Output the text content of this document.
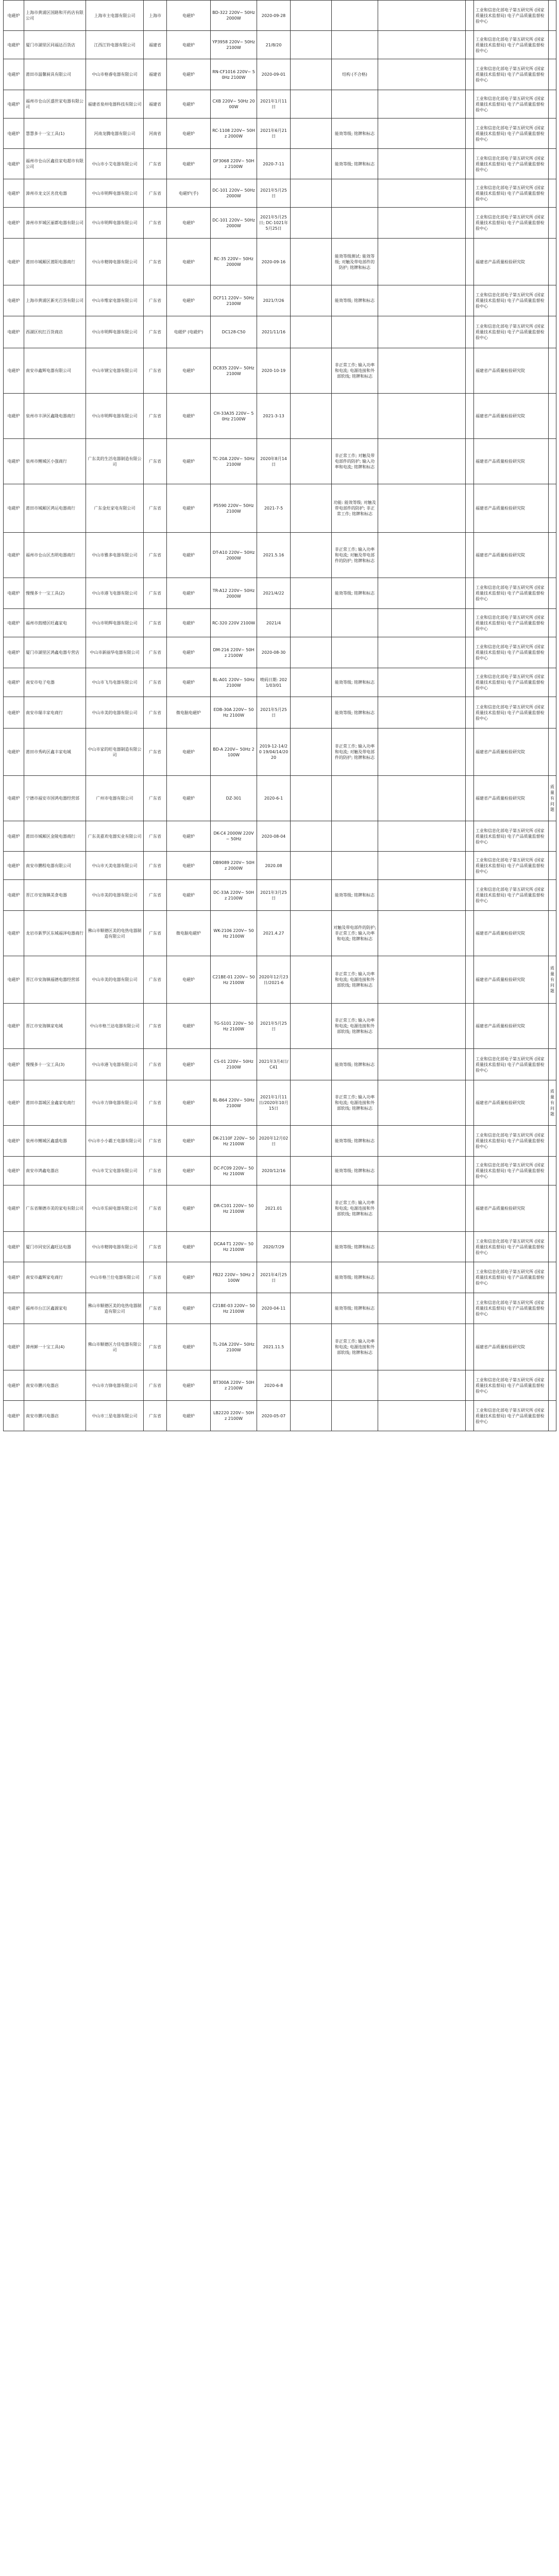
电磁炉	上海市黄浦区国路和开药店有限公司	上海市主电器有限公司	上海市	电磁炉	BD-322 220V~ 50Hz 2000W	2020-09-28					工业和信息化部电子第五研究所 (国家质量技术监督局) 电子产品质量监督检验中心	
电磁炉	厦门市湖里区同福达百货店	江西江铃电器有限公司	福建省	电磁炉	YP3958 220V~ 50Hz 2100W	21/8/20					工业和信息化部电子第五研究所 (国家质量技术监督局) 电子产品质量监督检验中心	
电磁炉	莆田市温馨厨具有限公司	中山市格睿电器有限公司	福建省	电磁炉	RN-CF1016 220V~ 50Hz 2100W	2020-09-01		结构 (不合格)			工业和信息化部电子第五研究所 (国家质量技术监督局) 电子产品质量监督检验中心	
电磁炉	福州市仓山区盛世家电器有限公司	福建省泉州电器科技有限公司	福建省	电磁炉	CXB 220V~ 50Hz 2000W	2021年1月11日					工业和信息化部电子第五研究所 (国家质量技术监督局) 电子产品质量监督检验中心	
电磁炉	慧慧多十一宝工具(1)	河南龙腾电器有限公司	河南省	电磁炉	RC-1108 220V~ 50Hz 2000W	2021年6月21日		能效等级; 铭牌和标志			工业和信息化部电子第五研究所 (国家质量技术监督局) 电子产品质量监督检验中心	
电磁炉	福州市仓山区鑫佳家电超市有限公司	中山市小艾电器有限公司	广东省	电磁炉	DF3068 220V~ 50Hz 2100W	2020-7-11		能效等级; 铭牌和标志			工业和信息化部电子第五研究所 (国家质量技术监督局) 电子产品质量监督检验中心	
电磁炉	漳州市龙文区名优电器	中山市明辉电器有限公司	广东省	电磁炉(手)	DC-101 220V~ 50Hz 2000W	2021年5月25日					工业和信息化部电子第五研究所 (国家质量技术监督局) 电子产品质量监督检验中心	
电磁炉	漳州市芗城区丽都电器有限公司	中山市明辉电器有限公司	广东省	电磁炉	DC-101 220V~ 50Hz 2000W	2021年5月25日; DC-1021年5月25日					工业和信息化部电子第五研究所 (国家质量技术监督局) 电子产品质量监督检验中心	
电磁炉	莆田市城厢区莆阳电器商行	中山市精铸电器有限公司	广东省	电磁炉	RC-35 220V~ 50Hz 2000W	2020-09-16		能效等级测试: 能效等级; 对触及带电部件的防护; 铭牌和标志			福建省产品质量检验研究院	
电磁炉	上海市黄浦区新光百货有限公司	中山市维家电器有限公司	广东省	电磁炉	DCF11 220V~ 50Hz 2100W	2021/7/26		能效等级; 铭牌和标志			工业和信息化部电子第五研究所 (国家质量技术监督局) 电子产品质量监督检验中心	
电磁炉	西湖区杭红百货商店	中山市明辉电器有限公司	广东省	电磁炉 (电磁炉)	DC128-C50	2021/11/16					工业和信息化部电子第五研究所 (国家质量技术监督局) 电子产品质量监督检验中心	
电磁炉	南安市鑫辉电器有限公司	中山市钢宝电器有限公司	广东省	电磁炉	DC835 220V~ 50Hz 2100W	2020-10-19		非正常工作; 输入功率和电流; 电源连接和外部软线; 铭牌和标志			福建省产品质量检验研究院	
电磁炉	泉州市丰泽区鑫隆电器商行	中山市明辉电器有限公司	广东省	电磁炉	CH-33A35 220V~ 50Hz 2100W	2021-3-13					福建省产品质量检验研究院	
电磁炉	泉州市鲤城区小强商行	广东美的生活电器制造有限公司	广东省	电磁炉	TC-20A 220V~ 50Hz 2100W	2020年8月14日		非正常工作; 对触及带电部件的防护; 输入功率和电流; 铭牌和标志			福建省产品质量检验研究院	
电磁炉	莆田市城厢区鸿运电器商行	广东金灶家电有限公司	广东省	电磁炉	P5590 220V~ 50Hz 2100W	2021-7-5		功能: 能效等级; 对触及带电部件的防护; 非正常工作; 铭牌和标志			福建省产品质量检验研究院	
电磁炉	福州市仓山区杰明电器商行	中山市雅多电器有限公司	广东省	电磁炉	DT-A10 220V~ 50Hz 2000W	2021.5.16		非正常工作; 输入功率和电流; 对触及带电部件的防护; 铭牌和标志			福建省产品质量检验研究院	
电磁炉	慢慢多十一宝工具(2)	中山市港飞电器有限公司	广东省	电磁炉	TR-A12 220V~ 50Hz 2000W	2021/4/22		能效等级; 铭牌和标志			工业和信息化部电子第五研究所 (国家质量技术监督局) 电子产品质量监督检验中心	
电磁炉	福州市鼓楼区旺鑫家电	中山市明辉电器有限公司	广东省	电磁炉	RC-320 220V 2100W	2021/4					工业和信息化部电子第五研究所 (国家质量技术监督局) 电子产品质量监督检验中心	
电磁炉	厦门市湖里区鸿鑫电器专营店	中山市新丽华电器有限公司	广东省	电磁炉	DM-216 220V~ 50Hz 2100W	2020-08-30					工业和信息化部电子第五研究所 (国家质量技术监督局) 电子产品质量监督检验中心	
电磁炉	南安市电子电器	中山市飞鸟电器有限公司	广东省	电磁炉	BL-A01 220V~ 50Hz 2100W	喷码日期: 2021/03/01		能效等级; 铭牌和标志			工业和信息化部电子第五研究所 (国家质量技术监督局) 电子产品质量监督检验中心	
电磁炉	南安市瑞丰家电商行	中山市美的电器有限公司	广东省	微电脑电磁炉	EDB-30A 220V~ 50Hz 2100W	2021年5月25日		能效等级; 铭牌和标志			工业和信息化部电子第五研究所 (国家质量技术监督局) 电子产品质量监督检验中心	
电磁炉	莆田市秀屿区鑫丰家电城	中山市家的旺电器制造有限公司	广东省	电磁炉	BD-A 220V~ 50Hz 2100W	2019-12-14/20 19/04/14/2020		非正常工作; 输入功率和电流; 对触及带电部件的防护; 铭牌和标志			福建省产品质量检验研究院	
电磁炉	宁德市福安市国鸿电器经营部	广州市电器有限公司	广东省	电磁炉	DZ-301	2020-6-1					福建省产品质量检验研究院	质量有问题
电磁炉	莆田市城厢区金陵电器商行	广东美嘉欢电器实业有限公司	广东省	电磁炉	DK-C4 2000W 220V~ 50Hz	2020-08-04					工业和信息化部电子第五研究所 (国家质量技术监督局) 电子产品质量监督检验中心	
电磁炉	南安市鹏程电器有限公司	中山市天美电器有限公司	广东省	电磁炉	DB9089 220V~ 50Hz 2000W	2020.08					工业和信息化部电子第五研究所 (国家质量技术监督局) 电子产品质量监督检验中心	
电磁炉	晋江市安海镇美食电器	中山市美的电器有限公司	广东省	电磁炉	DC-33A 220V~ 50Hz 2100W	2021年3月25日		能效等级; 铭牌和标志			工业和信息化部电子第五研究所 (国家质量技术监督局) 电子产品质量监督检验中心	
电磁炉	龙岩市新罗区东城福泽电器商行	佛山市顺德区美的电热电器制造有限公司	广东省	微电脑电磁炉	WK-2106 220V~ 50Hz 2100W	2021.4.27		对触及带电部件的防护; 非正常工作; 输入功率和电流; 铭牌和标志			福建省产品质量检验研究院	
电磁炉	晋江市安海镇福德电器经营部	中山市美的电器有限公司	广东省	电磁炉	C21BE-01 220V~ 50Hz 2100W	2020年12月23日/2021-6		非正常工作; 输入功率和电流; 电源连接和外部软线; 铭牌和标志			福建省产品质量检验研究院	质量有问题
电磁炉	晋江市安海镇家电城	中山市格兰达电器有限公司	广东省	电磁炉	TG-S101 220V~ 50Hz 2100W	2021年5月25日		非正常工作; 输入功率和电流; 电源连接和外部软线; 铭牌和标志			福建省产品质量检验研究院	
电磁炉	慢慢多十一宝工具(3)	中山市港飞电器有限公司	广东省	电磁炉	CS-01 220V~ 50Hz 2100W	2021年3月4日/C41		能效等级; 铭牌和标志			工业和信息化部电子第五研究所 (国家质量技术监督局) 电子产品质量监督检验中心	
电磁炉	莆田市荔城区金鑫家电商行	中山市力锋电器有限公司	广东省	电磁炉	BL-B64 220V~ 50Hz 2100W	2021年1月11日/2020年10月15日		非正常工作; 输入功率和电流; 电源连接和外部软线; 铭牌和标志			福建省产品质量检验研究院	质量有问题
电磁炉	泉州市鲤城区鑫盛电器	中山市小小霸王电器有限公司	广东省	电磁炉	DK-2110F 220V~ 50Hz 2100W	2020年12月02日		能效等级; 铭牌和标志			工业和信息化部电子第五研究所 (国家质量技术监督局) 电子产品质量监督检验中心	
电磁炉	南安市鸿鑫电器店	中山市艾宝电器有限公司	广东省	电磁炉	DC-FC09 220V~ 50Hz 2100W	2020/12/16		能效等级; 铭牌和标志			工业和信息化部电子第五研究所 (国家质量技术监督局) 电子产品质量监督检验中心	
电磁炉	广东省顺德市美的家电有限公司	中山市乐厨电器有限公司	广东省	电磁炉	DR-C101 220V~ 50Hz 2100W	2021.01		非正常工作; 输入功率和电流; 电源连接和外部软线; 铭牌和标志			福建省产品质量检验研究院	
电磁炉	厦门市同安区鑫旺达电器	中山市精铸电器有限公司	广东省	电磁炉	DCA4-T1 220V~ 50Hz 2100W	2020/7/29		能效等级; 铭牌和标志			工业和信息化部电子第五研究所 (国家质量技术监督局) 电子产品质量监督检验中心	
电磁炉	南安市鑫辉家电商行	中山市格兰仕电器有限公司	广东省	电磁炉	FB22 220V~ 50Hz 2100W	2021年4月25日		能效等级; 铭牌和标志			工业和信息化部电子第五研究所 (国家质量技术监督局) 电子产品质量监督检验中心	
电磁炉	福州市台江区鑫源家电	佛山市顺德区美的电热电器制造有限公司	广东省	电磁炉	C21BE-03 220V~ 50Hz 2100W	2020-04-11		能效等级; 铭牌和标志			工业和信息化部电子第五研究所 (国家质量技术监督局) 电子产品质量监督检验中心	
电磁炉	漳州鲜一十宝工具(4)	佛山市顺德区力佳电器有限公司	广东省	电磁炉	TL-20A 220V~ 50Hz 2100W	2021.11.5		非正常工作; 输入功率和电流; 电源连接和外部软线; 铭牌和标志			福建省产品质量检验研究院	
电磁炉	南安市鹏兴电器店	中山市力锋电器有限公司	广东省	电磁炉	BT300A 220V~ 50Hz 2100W	2020-6-8					工业和信息化部电子第五研究所 (国家质量技术监督局) 电子产品质量监督检验中心	
电磁炉	南安市鹏兴电器店	中山市三星电器有限公司	广东省	电磁炉	LB2220 220V~ 50Hz 2100W	2020-05-07					工业和信息化部电子第五研究所 (国家质量技术监督局) 电子产品质量监督检验中心	
